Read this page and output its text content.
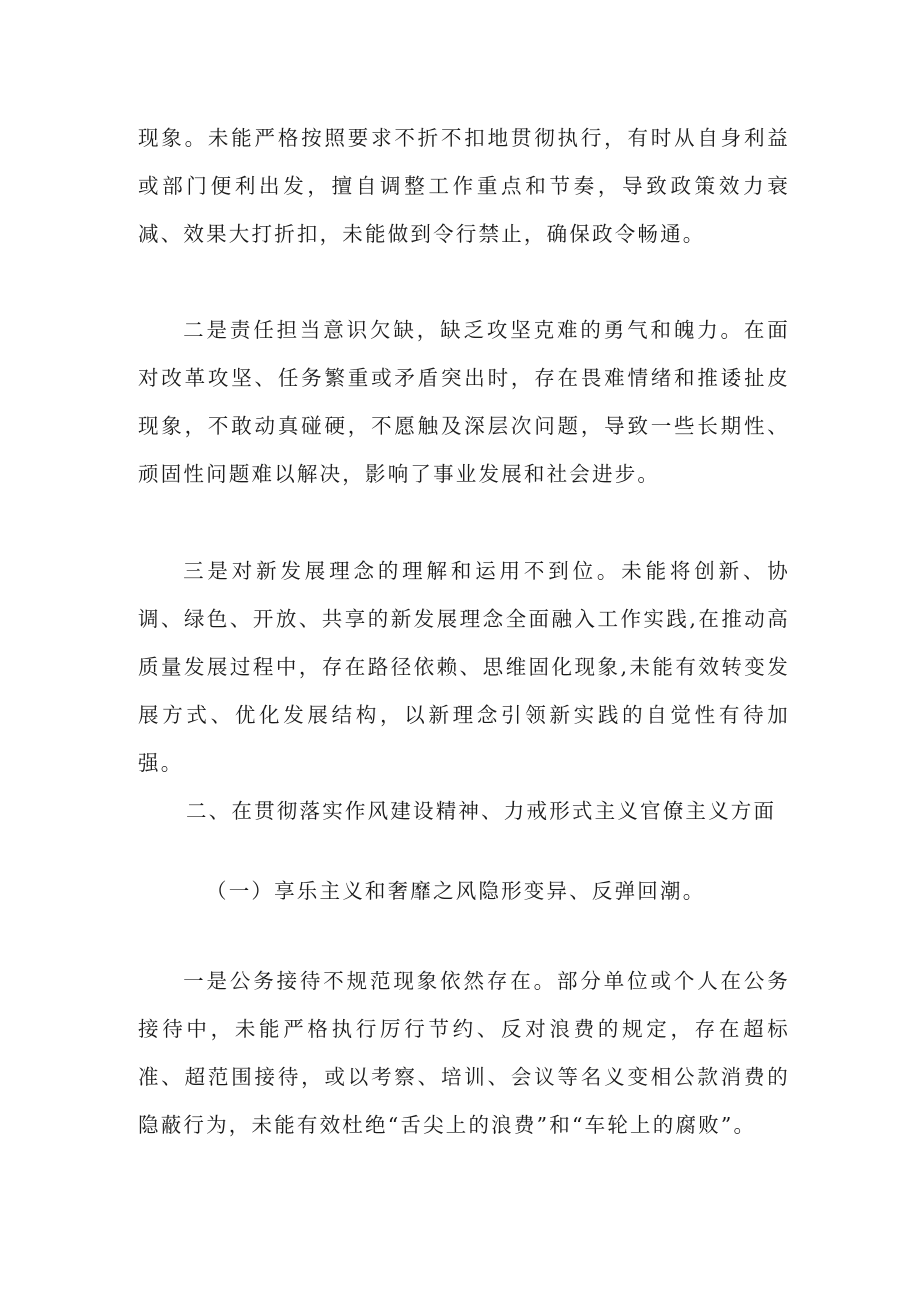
现象。未能严格按照要求不折不扣地贯彻执行，有时从自身利益或部门便利出发，擅自调整工作重点和节奏，导致政策效力衰减、效果大打折扣，未能做到令行禁止，确保政令畅通。

二是责任担当意识欠缺，缺乏攻坚克难的勇气和魄力。在面对改革攻坚、任务繁重或矛盾突出时，存在畏难情绪和推诿扯皮现象，不敢动真碰硬，不愿触及深层次问题，导致一些长期性、顽固性问题难以解决，影响了事业发展和社会进步。

三是对新发展理念的理解和运用不到位。未能将创新、协调、绿色、开放、共享的新发展理念全面融入工作实践,在推动高质量发展过程中，存在路径依赖、思维固化现象,未能有效转变发展方式、优化发展结构，以新理念引领新实践的自觉性有待加强。

二、在贯彻落实作风建设精神、力戒形式主义官僚主义方面

（一）享乐主义和奢靡之风隐形变异、反弹回潮。

一是公务接待不规范现象依然存在。部分单位或个人在公务接待中，未能严格执行厉行节约、反对浪费的规定，存在超标准、超范围接待，或以考察、培训、会议等名义变相公款消费的隐蔽行为，未能有效杜绝“舌尖上的浪费”和“车轮上的腐败”。
